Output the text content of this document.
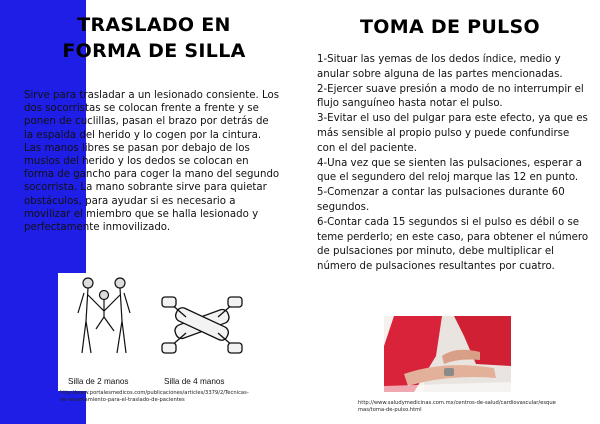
TRASLADO EN
FORMA DE SILLA
Sirve para trasladar a un lesionado consiente. Los dos socorristas se colocan frente a frente y se ponen de cuclillas, pasan el brazo por detrás de la espalda del herido y lo cogen por la cintura. Las manos libres se pasan por debajo de los muslos del herido y los dedos se colocan en forma de gancho para coger la mano del segundo socorrista. La mano sobrante sirve para quietar obstáculos, para ayudar si es necesario a movilizar el miembro que se halla lesionado y perfectamente inmovilizado.
Silla de 2 manos	Silla de 4 manos
http://www.portalesmedicos.com/publicaciones/articles/3379/2/Tecnicas-de-levantamiento-para-el-traslado-de-pacientes
TOMA DE PULSO

1-Situar las yemas de los dedos índice, medio y anular sobre alguna de las partes mencionadas.

2-Ejercer suave presión a modo de no interrumpir el flujo sanguíneo hasta notar el pulso.

3-Evitar el uso del pulgar para este efecto, ya que es más sensible al propio pulso y puede confundirse con el del paciente.

4-Una vez que se sienten las pulsaciones, esperar a que el segundero del reloj marque las 12 en punto.

5-Comenzar a contar las pulsaciones durante 60 segundos.

6-Contar cada 15 segundos si el pulso es débil o se teme perderlo; en este caso, para obtener el número de pulsaciones por minuto, debe multiplicar el número de pulsaciones resultantes por cuatro.

http://www.saludymedicinas.com.mx/centros-de-salud/cardiovascular/esquemas/toma-de-pulso.html
